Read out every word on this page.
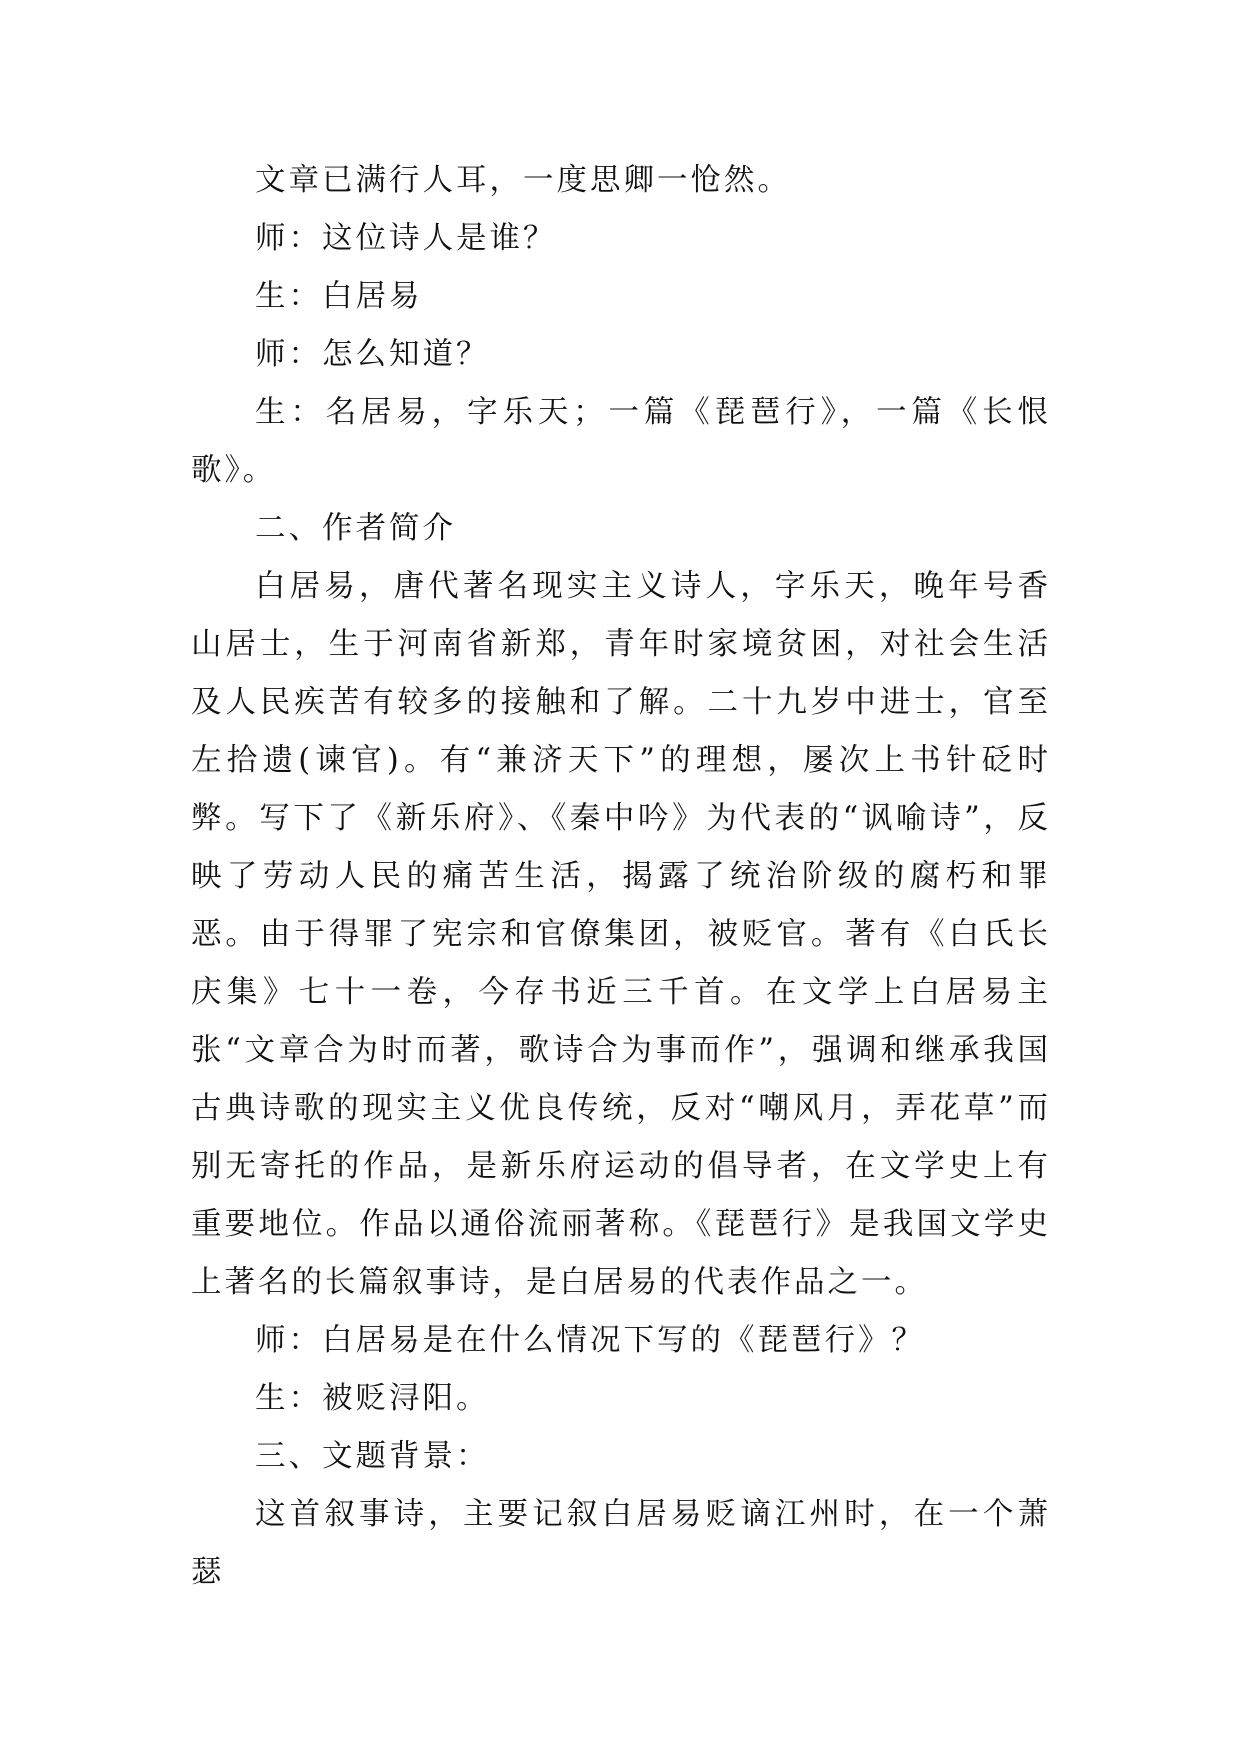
文章已满行人耳，一度思卿一怆然。

师：这位诗人是谁？

生：白居易

师：怎么知道？

生：名居易，字乐天；一篇《琵琶行》，一篇《长恨歌》。

二、作者简介

白居易，唐代著名现实主义诗人，字乐天，晚年号香山居士，生于河南省新郑，青年时家境贫困，对社会生活及人民疾苦有较多的接触和了解。二十九岁中进士，官至左拾遗(谏官)。有“兼济天下”的理想，屡次上书针砭时弊。写下了《新乐府》、《秦中吟》为代表的“讽喻诗”，反映了劳动人民的痛苦生活，揭露了统治阶级的腐朽和罪恶。由于得罪了宪宗和官僚集团，被贬官。著有《白氏长庆集》七十一卷，今存书近三千首。在文学上白居易主张“文章合为时而著，歌诗合为事而作”，强调和继承我国古典诗歌的现实主义优良传统，反对“嘲风月，弄花草”而别无寄托的作品，是新乐府运动的倡导者，在文学史上有重要地位。作品以通俗流丽著称。《琵琶行》是我国文学史上著名的长篇叙事诗，是白居易的代表作品之一。

师：白居易是在什么情况下写的《琵琶行》？

生：被贬浔阳。

三、文题背景：

这首叙事诗，主要记叙白居易贬谪江州时，在一个萧瑟
